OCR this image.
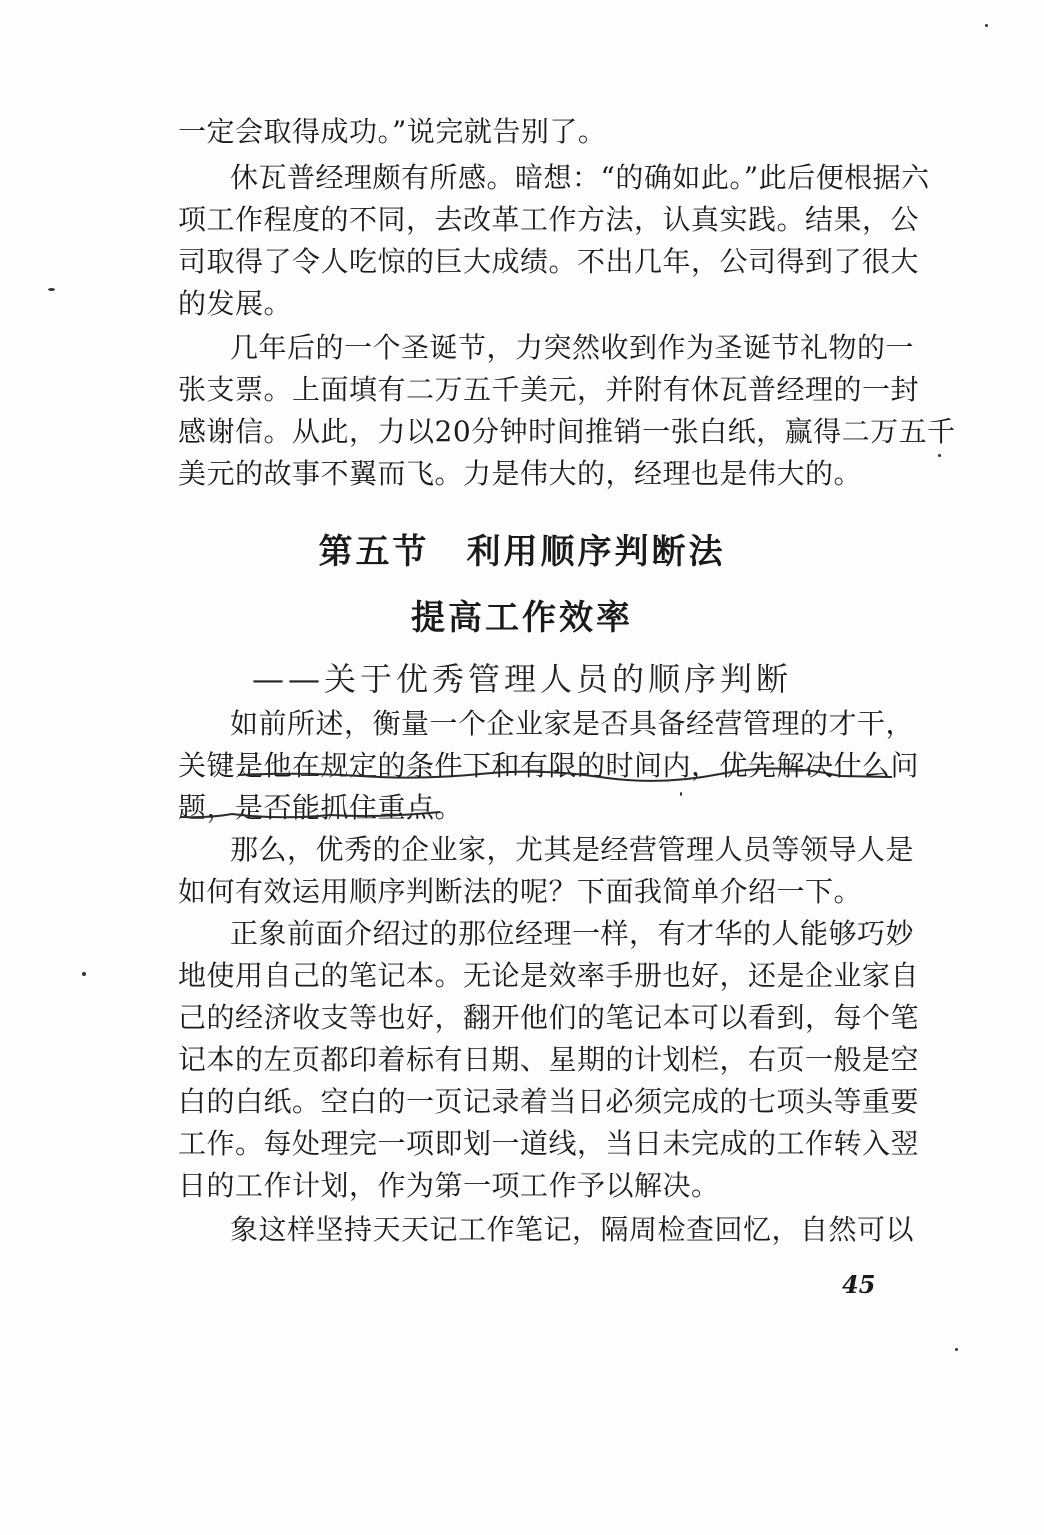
一定会取得成功。”说完就告别了。
休瓦普经理颇有所感。暗想：“的确如此。”此后便根据六
项工作程度的不同，去改革工作方法，认真实践。结果，公
司取得了令人吃惊的巨大成绩。不出几年，公司得到了很大
的发展。
几年后的一个圣诞节，力突然收到作为圣诞节礼物的一
张支票。上面填有二万五千美元，并附有休瓦普经理的一封
感谢信。从此，力以20分钟时间推销一张白纸，赢得二万五千
美元的故事不翼而飞。力是伟大的，经理也是伟大的。
第五节　利用顺序判断法
提高工作效率
——关于优秀管理人员的顺序判断
如前所述，衡量一个企业家是否具备经营管理的才干，
关键是他在规定的条件下和有限的时间内，优先解决什么问
题，是否能抓住重点。
那么，优秀的企业家，尤其是经营管理人员等领导人是
如何有效运用顺序判断法的呢？下面我简单介绍一下。
正象前面介绍过的那位经理一样，有才华的人能够巧妙
地使用自己的笔记本。无论是效率手册也好，还是企业家自
己的经济收支等也好，翻开他们的笔记本可以看到，每个笔
记本的左页都印着标有日期、星期的计划栏，右页一般是空
白的白纸。空白的一页记录着当日必须完成的七项头等重要
工作。每处理完一项即划一道线，当日未完成的工作转入翌
日的工作计划，作为第一项工作予以解决。
象这样坚持天天记工作笔记，隔周检查回忆，自然可以
45
